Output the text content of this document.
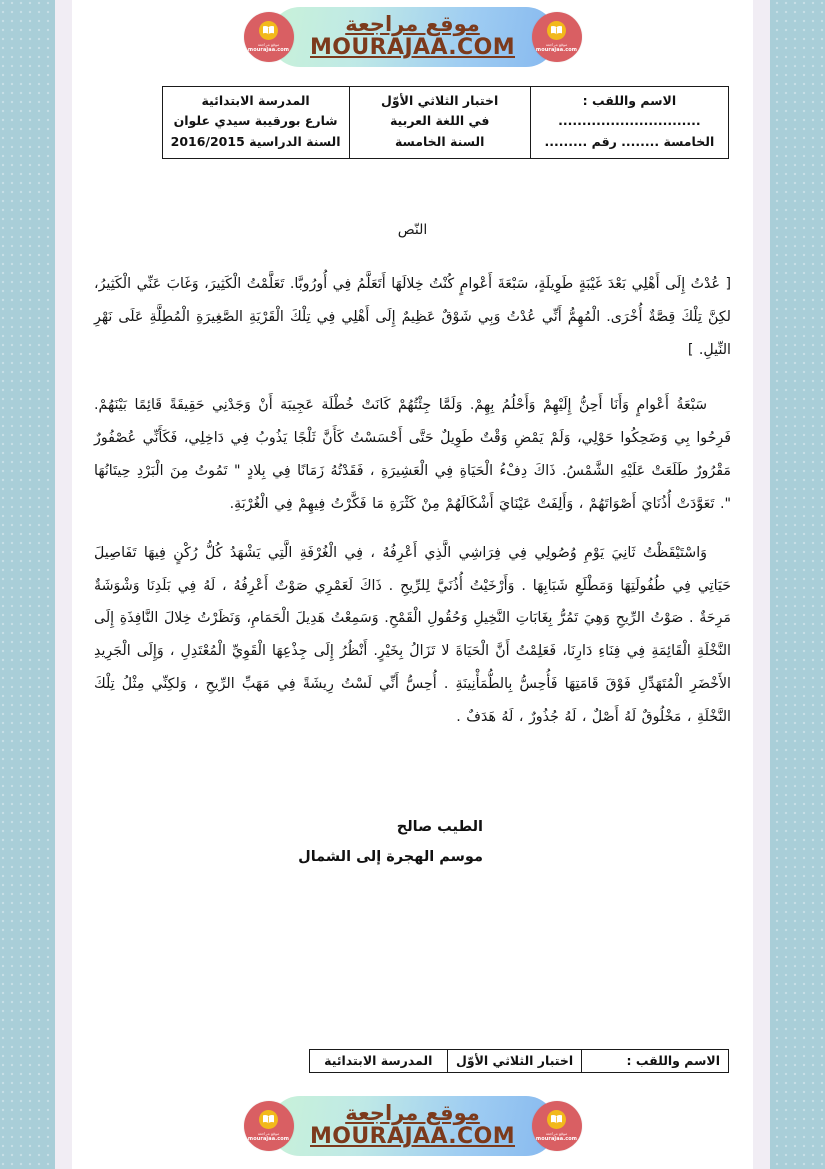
موقع مراجعة
mourajaa.com
موقع مراجعة
MOURAJAA.COM	موقع مراجعة
mourajaa.com
الاسم واللقب :
..............................
الخامسة ........ رقم .........

اختبار الثلاثي الأوّل
في اللغة العربية
السنة الخامسة

المدرسة الابتدائية
شارع بورقيبة سيدي علوان
السنة الدراسية 2016/2015
النّص

[ عُدْتُ إِلَى أَهْلِي بَعْدَ غَيْبَةٍ طَوِيلَةٍ، سَبْعَةَ أَعْوامٍ كُنْتُ خِلالَهَا أَتَعَلَّمُ فِي أُورُوبَّا. تَعَلَّمْتُ الْكَثِيرَ، وَغَابَ عَنِّي الْكَثِيرُ، لكِنَّ تِلْكَ قِصَّةٌ أُخْرَى. الْمُهِمُّ أَنِّي عُدْتُ وَبِي شَوْقٌ عَظِيمٌ إِلَى أَهْلِي فِي تِلْكَ الْقَرْيَةِ الصَّغِيرَةِ الْمُطِلَّةِ عَلَى نَهْرِ النِّيلِ. ]

سَبْعَةُ أَعْوامٍ وَأَنَا أَحِنُّ إِلَيْهِمْ وَأَحْلُمُ بِهِمْ. وَلَمَّا جِئْتُهُمْ كَانَتْ خُطْلَة عَجِيبَة أَنْ وَجَدْنِي حَقِيقَةً قَائِمًا بَيْنَهُمْ. فَرِحُوا بِي وَضَحِكُوا حَوْلِي، وَلَمْ يَمْضِ وَقْتٌ طَوِيلٌ حَتَّى أَحْسَسْتُ كَأَنَّ ثَلْجًا يَذُوبُ فِي دَاخِلِي، فَكَأَنِّي عُصْفُورٌ مَقْرُورٌ طَلَعَتْ عَلَيْهِ الشَّمْسُ. ذَاكَ دِفْءُ الْحَيَاةِ فِي الْعَشِيرَةِ ، فَقَدْتُهُ زَمَانًا فِي بِلادٍ " تَمُوتُ مِنَ الْبَرْدِ حِيتَانُهَا ". تَعَوَّدَتْ أُذُنَايَ أَصْوَاتَهُمْ ، وَأَلِفَتْ عَيْنَايَ أَشْكَالَهُمْ مِنْ كَثْرَةِ مَا فَكَّرْتُ فِيهِمْ فِي الْغُرْبَةِ.

وَاسْتَيْقَظْتُ ثَانِيَ يَوْمِ وُصُولِي فِي فِرَاشِي الَّذِي أَعْرِفُهُ ، فِي الْغُرْفَةِ الَّتِي يَشْهَدُ كُلُّ رُكْنٍ فِيهَا تَفَاصِيلَ حَيَاتِي فِي طُفُولَتِهَا وَمَطْلَعِ شَبَابِهَا . وَأَرْخَيْتُ أُذُنَيَّ لِلرِّيحِ . ذَاكَ لَعَمْرِي صَوْتٌ أَعْرِفُهُ ، لَهُ فِي بَلَدِنَا وَشْوَشَةٌ مَرِحَةٌ . صَوْتُ الرِّيحِ وَهِيَ تَمُرُّ بِغَابَاتِ النَّخِيلِ وَحُقُولِ الْقَمْحِ. وَسَمِعْتُ هَدِيلَ الْحَمَامِ، وَنَظَرْتُ خِلالَ النَّافِذَةِ إِلَى النَّخْلَةِ الْقَائِمَةِ فِي فِنَاءِ دَارِنَا، فَعَلِمْتُ أَنَّ الْحَيَاةَ لا تَزَالُ بِخَيْرٍ. أَنْظُرُ إِلَى جِذْعِهَا الْقَوِيِّ الْمُعْتَدِلِ ، وَإِلَى الْجَرِيدِ الأَخْضَرِ الْمُتَهَدِّلِ فَوْقَ قَامَتِهَا فَأُحِسُّ بِالطُّمَأْنِينَةِ . أُحِسُّ أَنِّي لَسْتُ رِيشَةً فِي مَهَبِّ الرِّيحِ ، وَلكِنِّي مِثْلُ تِلْكَ النَّخْلَةِ ، مَخْلُوقٌ لَهُ أَصْلٌ ، لَهُ جُذُورٌ ، لَهُ هَدَفٌ .

الطيب صالح
موسم الهجرة إلى الشمال
الاسم واللقب :	اختبار الثلاثي الأوّل	المدرسة الابتدائية
موقع مراجعة
mourajaa.com
موقع مراجعة
MOURAJAA.COM	موقع مراجعة
mourajaa.com
